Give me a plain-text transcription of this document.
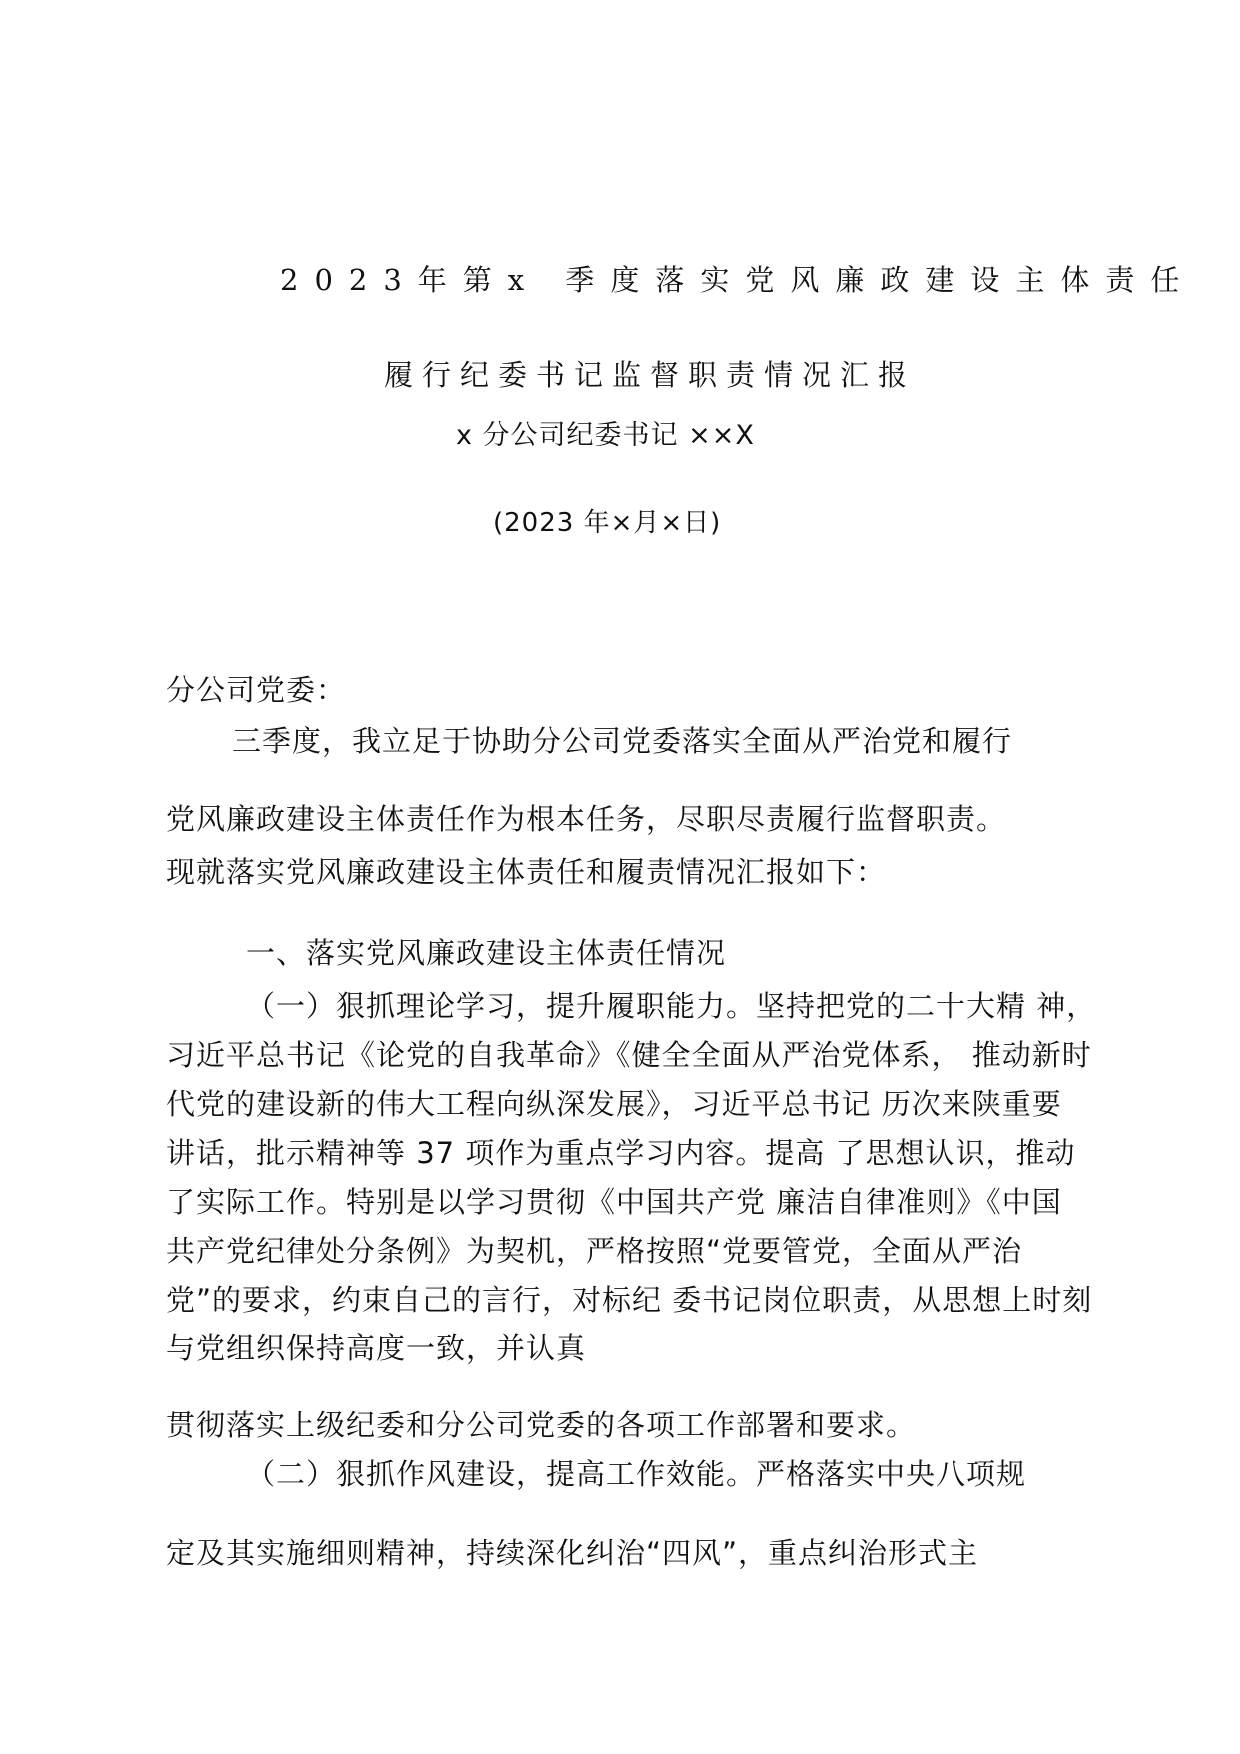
2023年第x 季度落实党风廉政建设主体责任

履行纪委书记监督职责情况汇报

x 分公司纪委书记 ××X

(2023 年×月×日)

分公司党委：

三季度，我立足于协助分公司党委落实全面从严治党和履行

党风廉政建设主体责任作为根本任务，尽职尽责履行监督职责。

现就落实党风廉政建设主体责任和履责情况汇报如下：

一、落实党风廉政建设主体责任情况

（一）狠抓理论学习，提升履职能力。坚持把党的二十大精 神，

习近平总书记《论党的自我革命》《健全全面从严治党体系， 推动新时

代党的建设新的伟大工程向纵深发展》，习近平总书记 历次来陕重要

讲话，批示精神等 37 项作为重点学习内容。提高 了思想认识，推动

了实际工作。特别是以学习贯彻《中国共产党 廉洁自律准则》《中国

共产党纪律处分条例》为契机，严格按照“党要管党，全面从严治

党”的要求，约束自己的言行，对标纪 委书记岗位职责，从思想上时刻

与党组织保持高度一致，并认真

贯彻落实上级纪委和分公司党委的各项工作部署和要求。

（二）狠抓作风建设，提高工作效能。严格落实中央八项规

定及其实施细则精神，持续深化纠治“四风”，重点纠治形式主
